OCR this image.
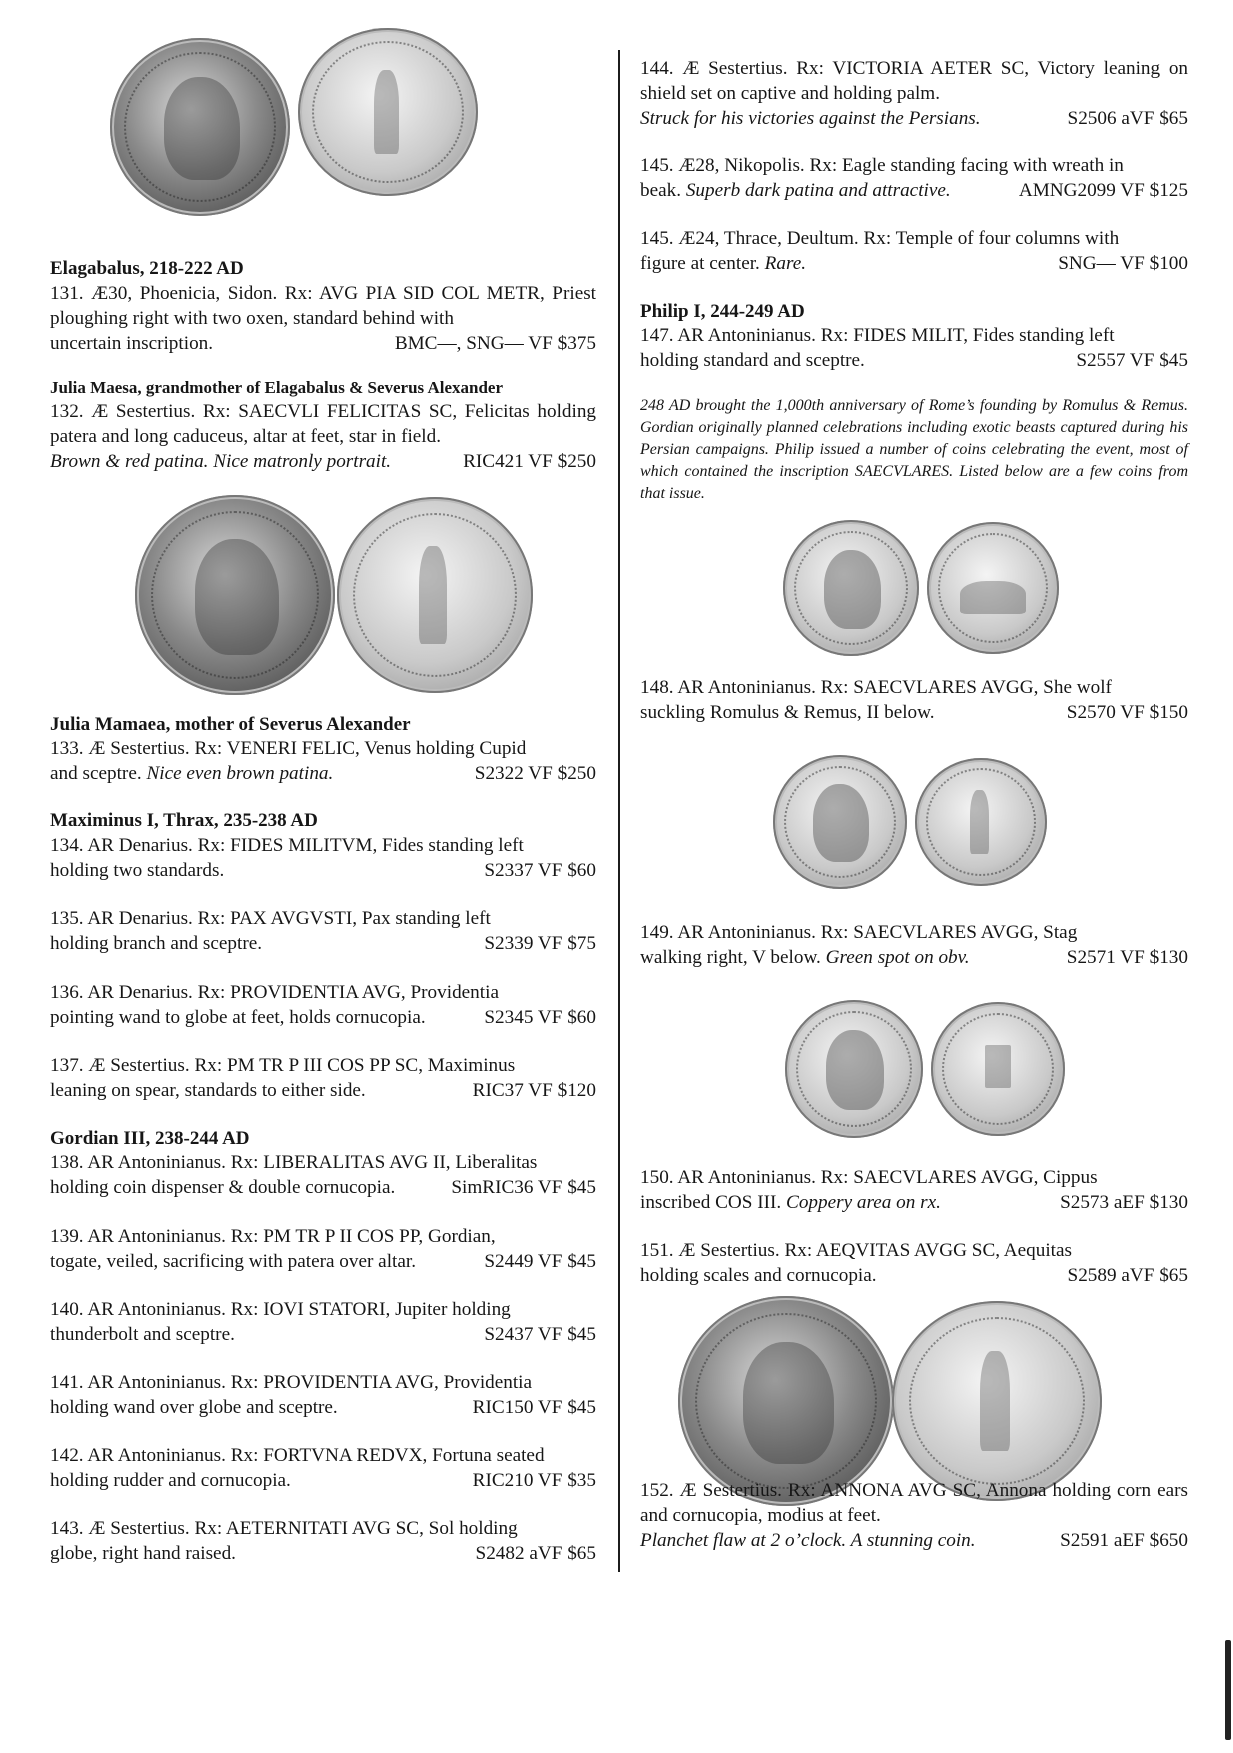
Elagabalus, 218-222 AD
131. Æ30, Phoenicia, Sidon. Rx: AVG PIA SID COL METR, Priest ploughing right with two oxen, standard behind with
uncertain inscription.	BMC—, SNG— VF $375
Julia Maesa, grandmother of Elagabalus & Severus Alexander
132. Æ Sestertius. Rx: SAECVLI FELICITAS SC, Felicitas holding patera and long caduceus, altar at feet, star in field.
Brown & red patina. Nice matronly portrait.	RIC421 VF $250
Julia Mamaea, mother of Severus Alexander
133. Æ Sestertius. Rx: VENERI FELIC, Venus holding Cupid
and sceptre. Nice even brown patina.	S2322 VF $250
Maximinus I, Thrax, 235-238 AD
134. AR Denarius. Rx: FIDES MILITVM, Fides standing left
holding two standards.	S2337 VF $60
135. AR Denarius. Rx: PAX AVGVSTI, Pax standing left
holding branch and sceptre.	S2339 VF $75
136. AR Denarius. Rx: PROVIDENTIA AVG, Providentia
pointing wand to globe at feet, holds cornucopia.	S2345 VF $60
137. Æ Sestertius. Rx: PM TR P III COS PP SC, Maximinus
leaning on spear, standards to either side.	RIC37 VF $120
Gordian III, 238-244 AD
138. AR Antoninianus. Rx: LIBERALITAS AVG II, Liberalitas
holding coin dispenser & double cornucopia.	SimRIC36 VF $45
139. AR Antoninianus. Rx: PM TR P II COS PP, Gordian,
togate, veiled, sacrificing with patera over altar.	S2449 VF $45
140. AR Antoninianus. Rx: IOVI STATORI, Jupiter holding
thunderbolt and sceptre.	S2437 VF $45
141. AR Antoninianus. Rx: PROVIDENTIA AVG, Providentia
holding wand over globe and sceptre.	RIC150 VF $45
142. AR Antoninianus. Rx: FORTVNA REDVX, Fortuna seated
holding rudder and cornucopia.	RIC210 VF $35
143. Æ Sestertius. Rx: AETERNITATI AVG SC, Sol holding
globe, right hand raised.	S2482 aVF $65
144. Æ Sestertius. Rx: VICTORIA AETER SC, Victory leaning on shield set on captive and holding palm.
Struck for his victories against the Persians.	S2506 aVF $65
145. Æ28, Nikopolis. Rx: Eagle standing facing with wreath in
beak. Superb dark patina and attractive.	AMNG2099 VF $125
145. Æ24, Thrace, Deultum. Rx: Temple of four columns with
figure at center. Rare.	SNG— VF $100
Philip I, 244-249 AD
147. AR Antoninianus. Rx: FIDES MILIT, Fides standing left
holding standard and sceptre.	S2557 VF $45
248 AD brought the 1,000th anniversary of Rome’s founding by Romulus & Remus. Gordian originally planned celebrations including exotic beasts captured during his Persian campaigns. Philip issued a number of coins celebrating the event, most of which contained the inscription SAECVLARES. Listed below are a few coins from that issue.
148. AR Antoninianus. Rx: SAECVLARES AVGG, She wolf
suckling Romulus & Remus, II below.	S2570 VF $150
149. AR Antoninianus. Rx: SAECVLARES AVGG, Stag
walking right, V below. Green spot on obv.	S2571 VF $130
150. AR Antoninianus. Rx: SAECVLARES AVGG, Cippus
inscribed COS III. Coppery area on rx.	S2573 aEF $130
151. Æ Sestertius. Rx: AEQVITAS AVGG SC, Aequitas
holding scales and cornucopia.	S2589 aVF $65
152. Æ Sestertius. Rx: ANNONA AVG SC, Annona holding corn ears and cornucopia, modius at feet.
Planchet flaw at 2 o’clock. A stunning coin.	S2591 aEF $650
